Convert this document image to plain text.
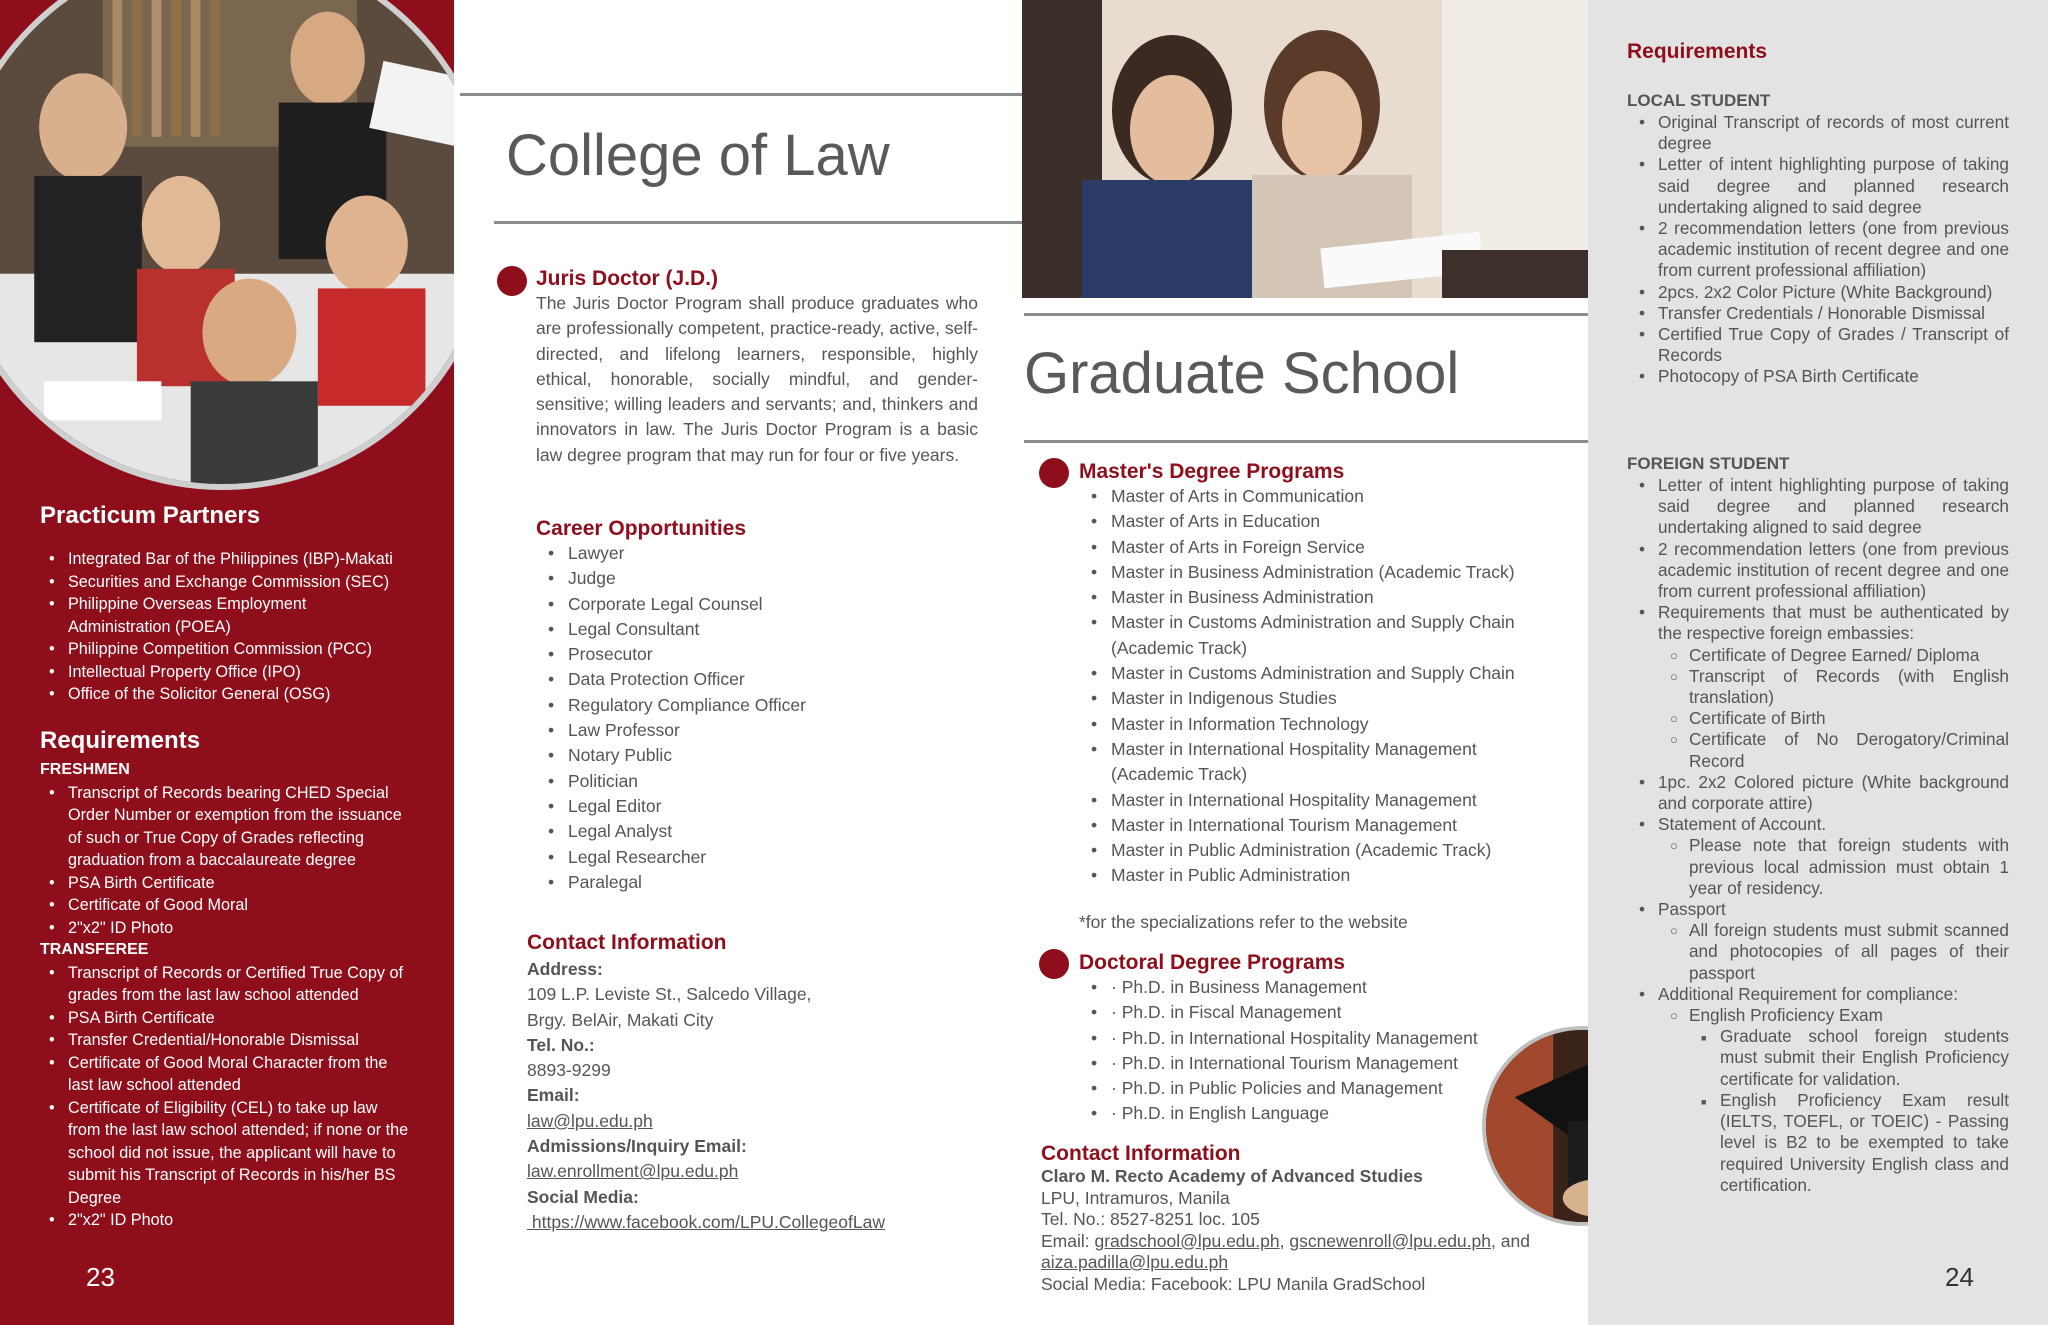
Practicum Partners
• Integrated Bar of the Philippines (IBP)-Makati
• Securities and Exchange Commission (SEC)
• Philippine Overseas Employment Administration (POEA)
• Philippine Competition Commission (PCC)
• Intellectual Property Office (IPO)
• Office of the Solicitor General (OSG)
Requirements
FRESHMEN
• Transcript of Records bearing CHED Special Order Number or exemption from the issuance of such or True Copy of Grades reflecting graduation from a baccalaureate degree
• PSA Birth Certificate
• Certificate of Good Moral
• 2"x2" ID Photo
TRANSFEREE
• Transcript of Records or Certified True Copy of grades from the last law school attended
• PSA Birth Certificate
• Transfer Credential/Honorable Dismissal
• Certificate of Good Moral Character from the last law school attended
• Certificate of Eligibility (CEL) to take up law from the last law school attended; if none or the school did not issue, the applicant will have to submit his Transcript of Records in his/her BS Degree
• 2"x2" ID Photo
23
College of Law
Juris Doctor (J.D.)
The Juris Doctor Program shall produce graduates who are professionally competent, practice-ready, active, self-directed, and lifelong learners, responsible, highly ethical, honorable, socially mindful, and gender-sensitive; willing leaders and servants; and, thinkers and innovators in law. The Juris Doctor Program is a basic law degree program that may run for four or five years.
Career Opportunities
• Lawyer
• Judge
• Corporate Legal Counsel
• Legal Consultant
• Prosecutor
• Data Protection Officer
• Regulatory Compliance Officer
• Law Professor
• Notary Public
• Politician
• Legal Editor
• Legal Analyst
• Legal Researcher
• Paralegal
Contact Information
Address:
109 L.P. Leviste St., Salcedo Village,
Brgy. BelAir, Makati City
Tel. No.:
8893-9299
Email:
law@lpu.edu.ph
Admissions/Inquiry Email:
law.enrollment@lpu.edu.ph
Social Media:
https://www.facebook.com/LPU.CollegeofLaw
Graduate School
Master's Degree Programs
• Master of Arts in Communication
• Master of Arts in Education
• Master of Arts in Foreign Service
• Master in Business Administration (Academic Track)
• Master in Business Administration
• Master in Customs Administration and Supply Chain (Academic Track)
• Master in Customs Administration and Supply Chain
• Master in Indigenous Studies
• Master in Information Technology
• Master in International Hospitality Management (Academic Track)
• Master in International Hospitality Management
• Master in International Tourism Management
• Master in Public Administration (Academic Track)
• Master in Public Administration
*for the specializations refer to the website
Doctoral Degree Programs
• · Ph.D. in Business Management
• · Ph.D. in Fiscal Management
• · Ph.D. in International Hospitality Management
• · Ph.D. in International Tourism Management
• · Ph.D. in Public Policies and Management
• · Ph.D. in English Language
Contact Information
Claro M. Recto Academy of Advanced Studies
LPU, Intramuros, Manila
Tel. No.: 8527-8251 loc. 105
Email: gradschool@lpu.edu.ph, gscnewenroll@lpu.edu.ph, and
aiza.padilla@lpu.edu.ph
Social Media: Facebook: LPU Manila GradSchool
Requirements
LOCAL STUDENT
• Original Transcript of records of most current degree
• Letter of intent highlighting purpose of taking said degree and planned research undertaking aligned to said degree
• 2 recommendation letters (one from previous academic institution of recent degree and one from current professional affiliation)
• 2pcs. 2x2 Color Picture (White Background)
• Transfer Credentials / Honorable Dismissal
• Certified True Copy of Grades / Transcript of Records
• Photocopy of PSA Birth Certificate
FOREIGN STUDENT
• Letter of intent highlighting purpose of taking said degree and planned research undertaking aligned to said degree
• 2 recommendation letters (one from previous academic institution of recent degree and one from current professional affiliation)
• Requirements that must be authenticated by the respective foreign embassies:
○ Certificate of Degree Earned/ Diploma
○ Transcript of Records (with English translation)
○ Certificate of Birth
○ Certificate of No Derogatory/Criminal Record
• 1pc. 2x2 Colored picture (White background and corporate attire)
• Statement of Account.
○ Please note that foreign students with previous local admission must obtain 1 year of residency.
• Passport
○ All foreign students must submit scanned and photocopies of all pages of their passport
• Additional Requirement for compliance:
○ English Proficiency Exam
■ Graduate school foreign students must submit their English Proficiency certificate for validation.
■ English Proficiency Exam result (IELTS, TOEFL, or TOEIC) - Passing level is B2 to be exempted to take required University English class and certification.
24
